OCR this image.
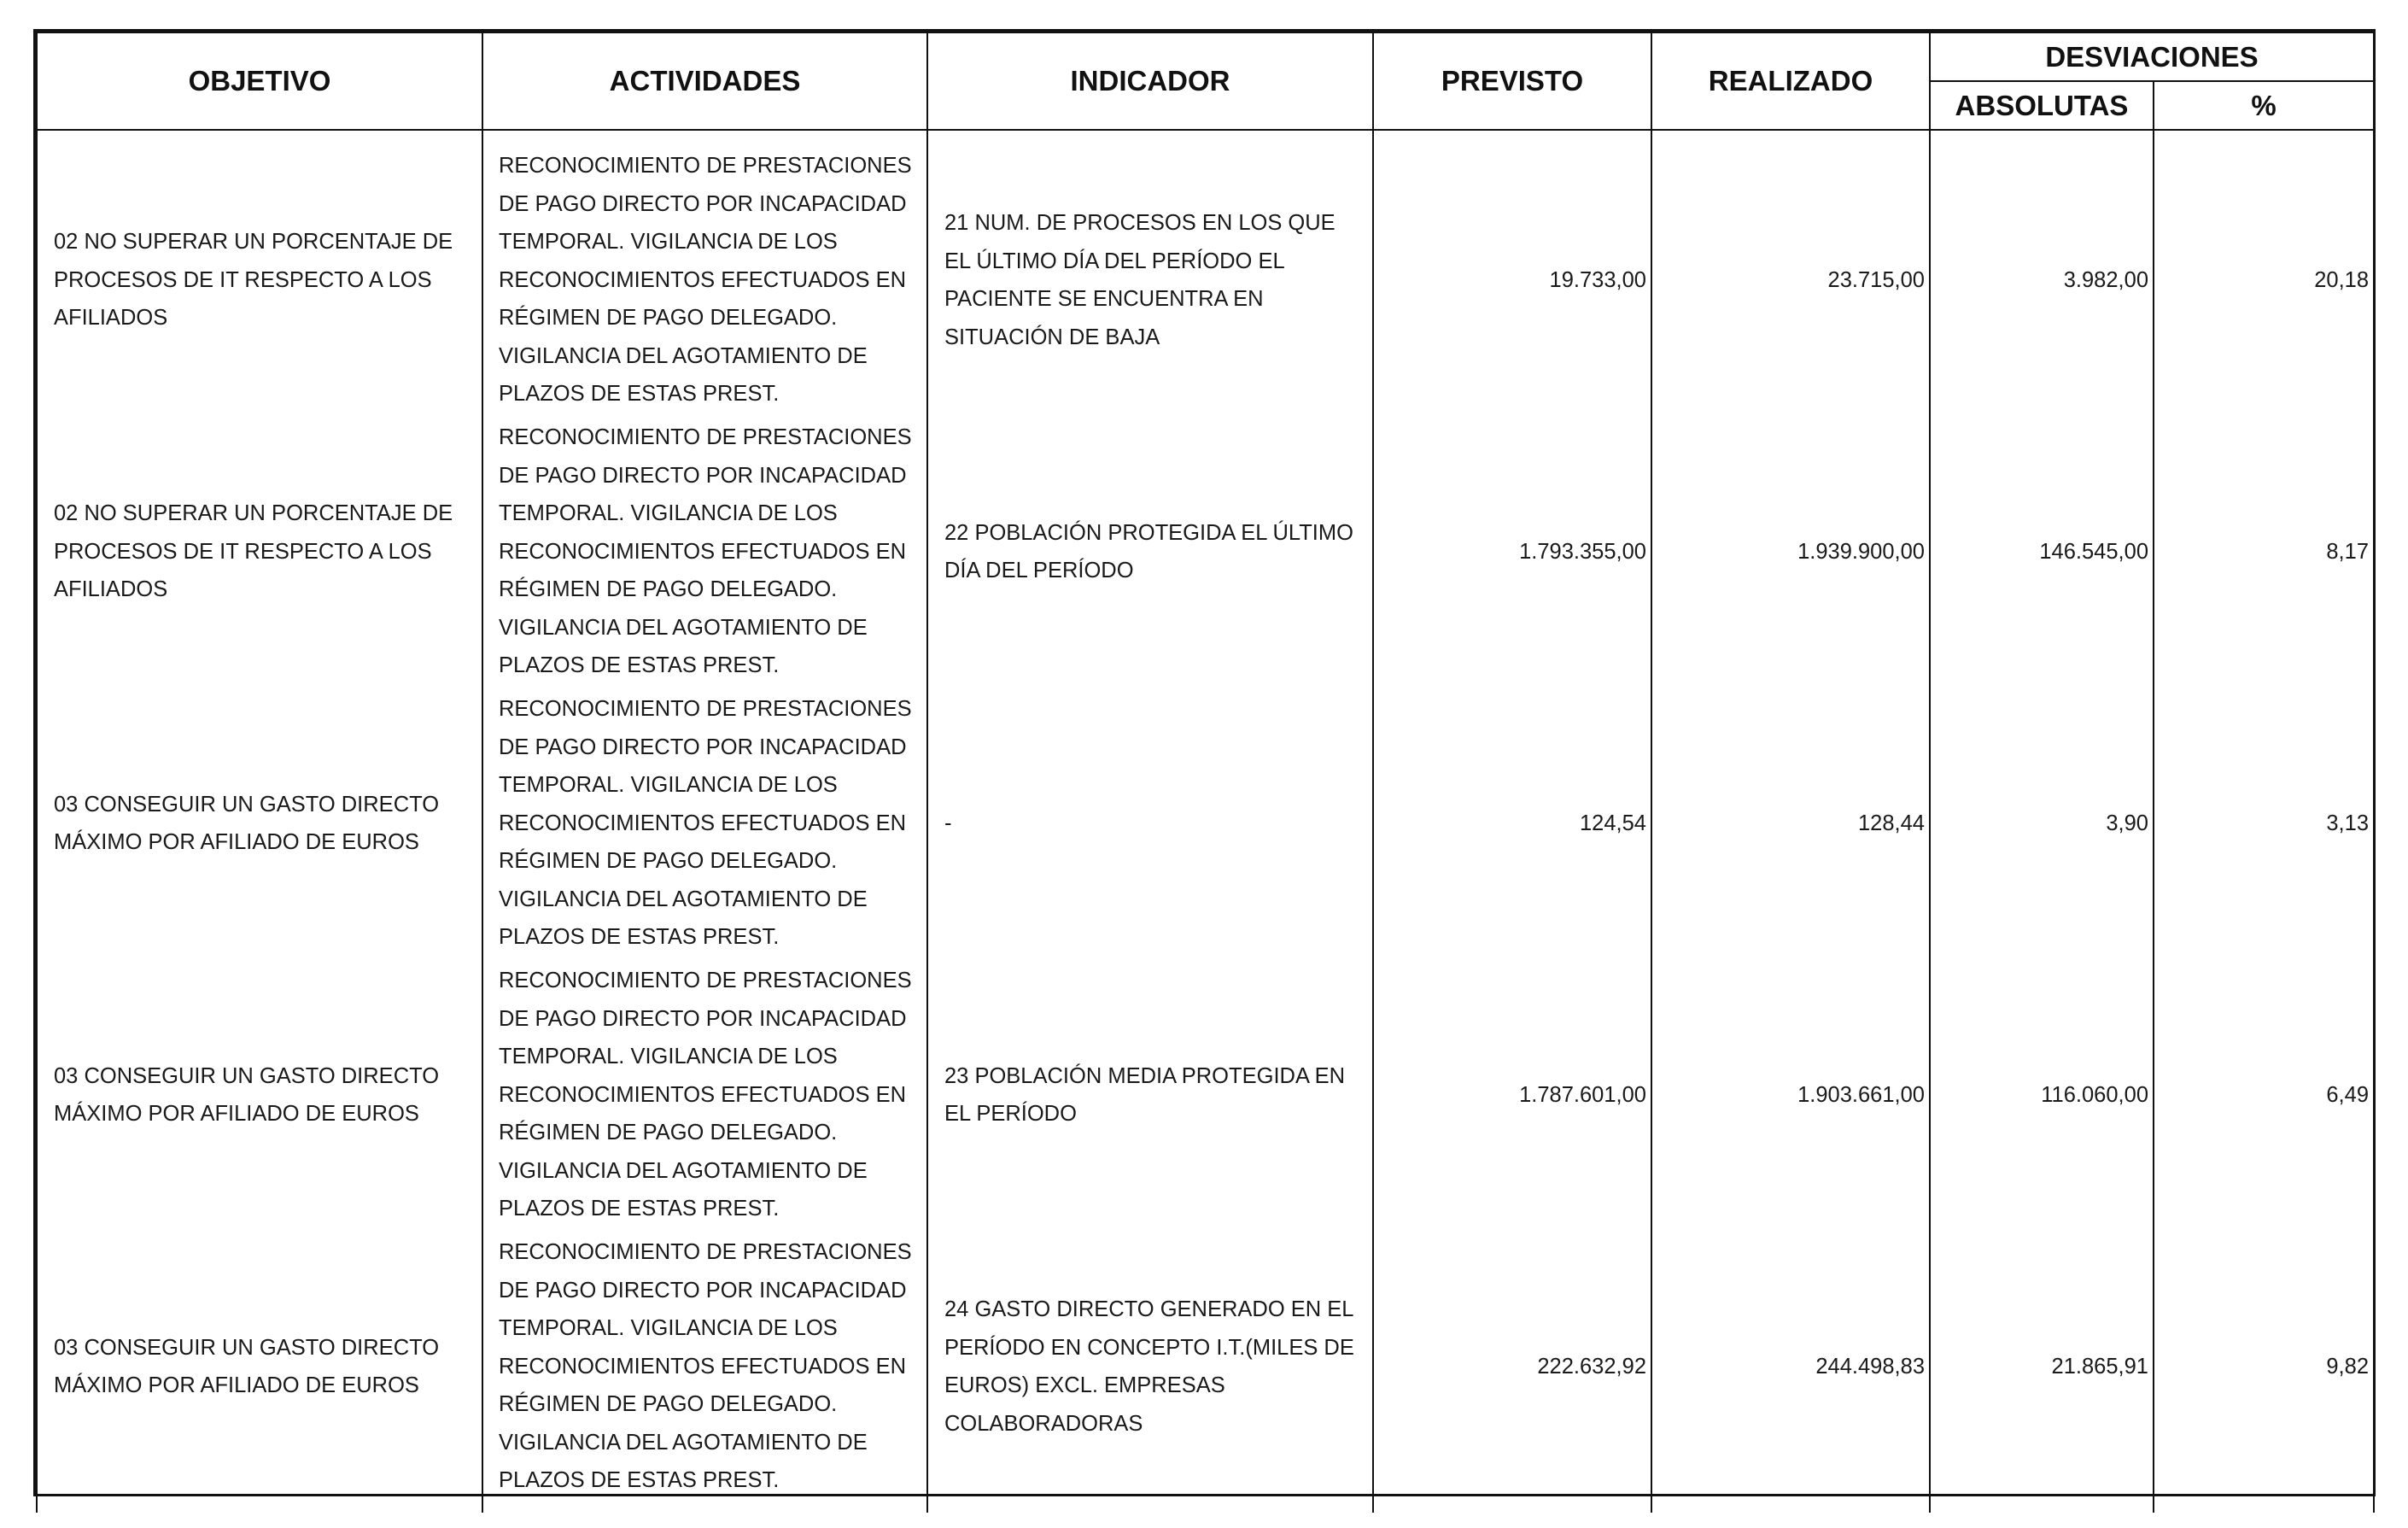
OBJETIVO	ACTIVIDADES	INDICADOR	PREVISTO	REALIZADO	DESVIACIONES	
					ABSOLUTAS	%
02 NO SUPERAR UN PORCENTAJE DE PROCESOS DE IT RESPECTO A LOS AFILIADOS	RECONOCIMIENTO DE PRESTACIONES DE PAGO DIRECTO POR INCAPACIDAD TEMPORAL. VIGILANCIA DE LOS RECONOCIMIENTOS EFECTUADOS EN RÉGIMEN DE PAGO DELEGADO. VIGILANCIA DEL AGOTAMIENTO DE PLAZOS DE ESTAS PREST.	21 NUM. DE PROCESOS EN LOS QUE EL ÚLTIMO DÍA DEL PERÍODO EL PACIENTE SE ENCUENTRA EN SITUACIÓN DE BAJA	19.733,00	23.715,00	3.982,00	20,18
02 NO SUPERAR UN PORCENTAJE DE PROCESOS DE IT RESPECTO A LOS AFILIADOS	RECONOCIMIENTO DE PRESTACIONES DE PAGO DIRECTO POR INCAPACIDAD TEMPORAL. VIGILANCIA DE LOS RECONOCIMIENTOS EFECTUADOS EN RÉGIMEN DE PAGO DELEGADO. VIGILANCIA DEL AGOTAMIENTO DE PLAZOS DE ESTAS PREST.	22 POBLACIÓN PROTEGIDA EL ÚLTIMO DÍA DEL PERÍODO	1.793.355,00	1.939.900,00	146.545,00	8,17
03 CONSEGUIR UN GASTO DIRECTO MÁXIMO POR AFILIADO DE EUROS	RECONOCIMIENTO DE PRESTACIONES DE PAGO DIRECTO POR INCAPACIDAD TEMPORAL. VIGILANCIA DE LOS RECONOCIMIENTOS EFECTUADOS EN RÉGIMEN DE PAGO DELEGADO. VIGILANCIA DEL AGOTAMIENTO DE PLAZOS DE ESTAS PREST.	-	124,54	128,44	3,90	3,13
03 CONSEGUIR UN GASTO DIRECTO MÁXIMO POR AFILIADO DE EUROS	RECONOCIMIENTO DE PRESTACIONES DE PAGO DIRECTO POR INCAPACIDAD TEMPORAL. VIGILANCIA DE LOS RECONOCIMIENTOS EFECTUADOS EN RÉGIMEN DE PAGO DELEGADO. VIGILANCIA DEL AGOTAMIENTO DE PLAZOS DE ESTAS PREST.	23 POBLACIÓN MEDIA PROTEGIDA EN EL PERÍODO	1.787.601,00	1.903.661,00	116.060,00	6,49
03 CONSEGUIR UN GASTO DIRECTO MÁXIMO POR AFILIADO DE EUROS	RECONOCIMIENTO DE PRESTACIONES DE PAGO DIRECTO POR INCAPACIDAD TEMPORAL. VIGILANCIA DE LOS RECONOCIMIENTOS EFECTUADOS EN RÉGIMEN DE PAGO DELEGADO. VIGILANCIA DEL AGOTAMIENTO DE PLAZOS DE ESTAS PREST.	24 GASTO DIRECTO GENERADO EN EL PERÍODO EN CONCEPTO I.T.(MILES DE EUROS) EXCL. EMPRESAS COLABORADORAS	222.632,92	244.498,83	21.865,91	9,82
